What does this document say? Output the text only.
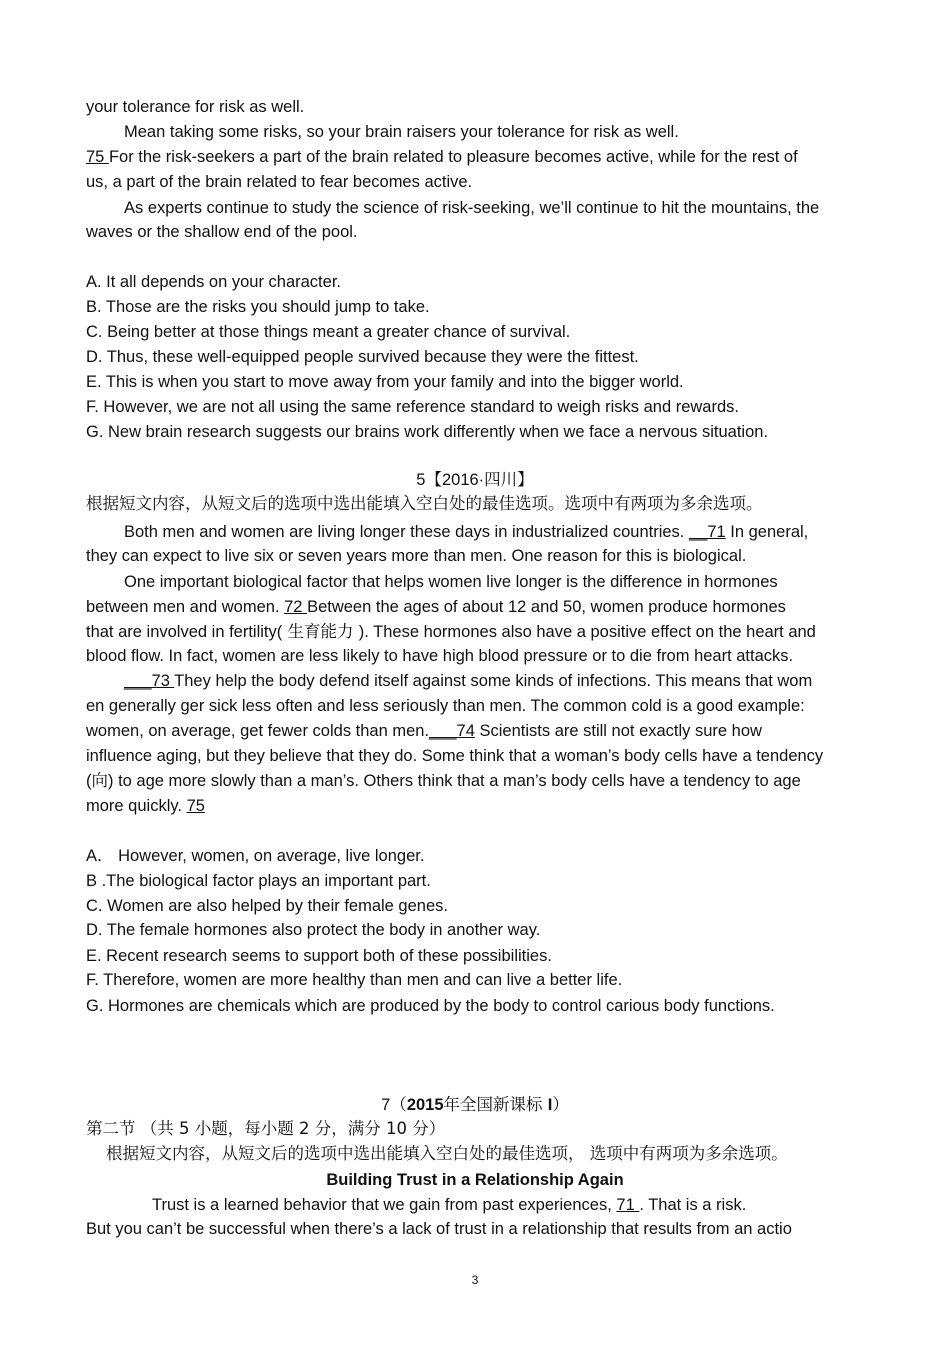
your tolerance for risk as well.
Mean taking some risks, so your brain raisers your tolerance for risk as well.
75 For the risk-seekers a part of the brain related to pleasure becomes active, while for the rest of
us, a part of the brain related to fear becomes active.
As experts continue to study the science of risk-seeking, we’ll continue to hit the mountains, the
waves or the shallow end of the pool.
A. It all depends on your character.
B. Those are the risks you should jump to take.
C. Being better at those things meant a greater chance of survival.
D. Thus, these well-equipped people survived because they were the fittest.
E. This is when you start to move away from your family and into the bigger world.
F. However, we are not all using the same reference standard to weigh risks and rewards.
G. New brain research suggests our brains work differently when we face a nervous situation.
5【2016·四川】
根据短文内容，从短文后的选项中选出能填入空白处的最佳选项。选项中有两项为多余选项。
Both men and women are living longer these days in industrialized countries. __71 In general,
they can expect to live six or seven years more than men. One reason for this is biological.
One important biological factor that helps women live longer is the difference in hormones
between men and women. 72 Between the ages of about 12 and 50, women produce hormones
that are involved in fertility( 生育能力 ). These hormones also have a positive effect on the heart and
blood flow. In fact, women are less likely to have high blood pressure or to die from heart attacks.
___73 They help the body defend itself against some kinds of infections. This means that wom
en generally ger sick less often and less seriously than men. The common cold is a good example:
women, on average, get fewer colds than men.___74 Scientists are still not exactly sure how
influence aging, but they believe that they do. Some think that a woman’s body cells have a tendency
(向) to age more slowly than a man’s. Others think that a man’s body cells have a tendency to age
more quickly. 75
A． However, women, on average, live longer.
B .The biological factor plays an important part.
C. Women are also helped by their female genes.
D. The female hormones also protect the body in another way.
E. Recent research seems to support both of these possibilities.
F. Therefore, women are more healthy than men and can live a better life.
G. Hormones are chemicals which are produced by the body to control carious body functions.
7（2015年全国新课标 I）
第二节 （共 5 小题，每小题 2 分，满分 10 分）
根据短文内容，从短文后的选项中选出能填入空白处的最佳选项， 选项中有两项为多余选项。
Building Trust in a Relationship Again
Trust is a learned behavior that we gain from past experiences, 71 . That is a risk.
But you can’t be successful when there’s a lack of trust in a relationship that results from an actio
3
